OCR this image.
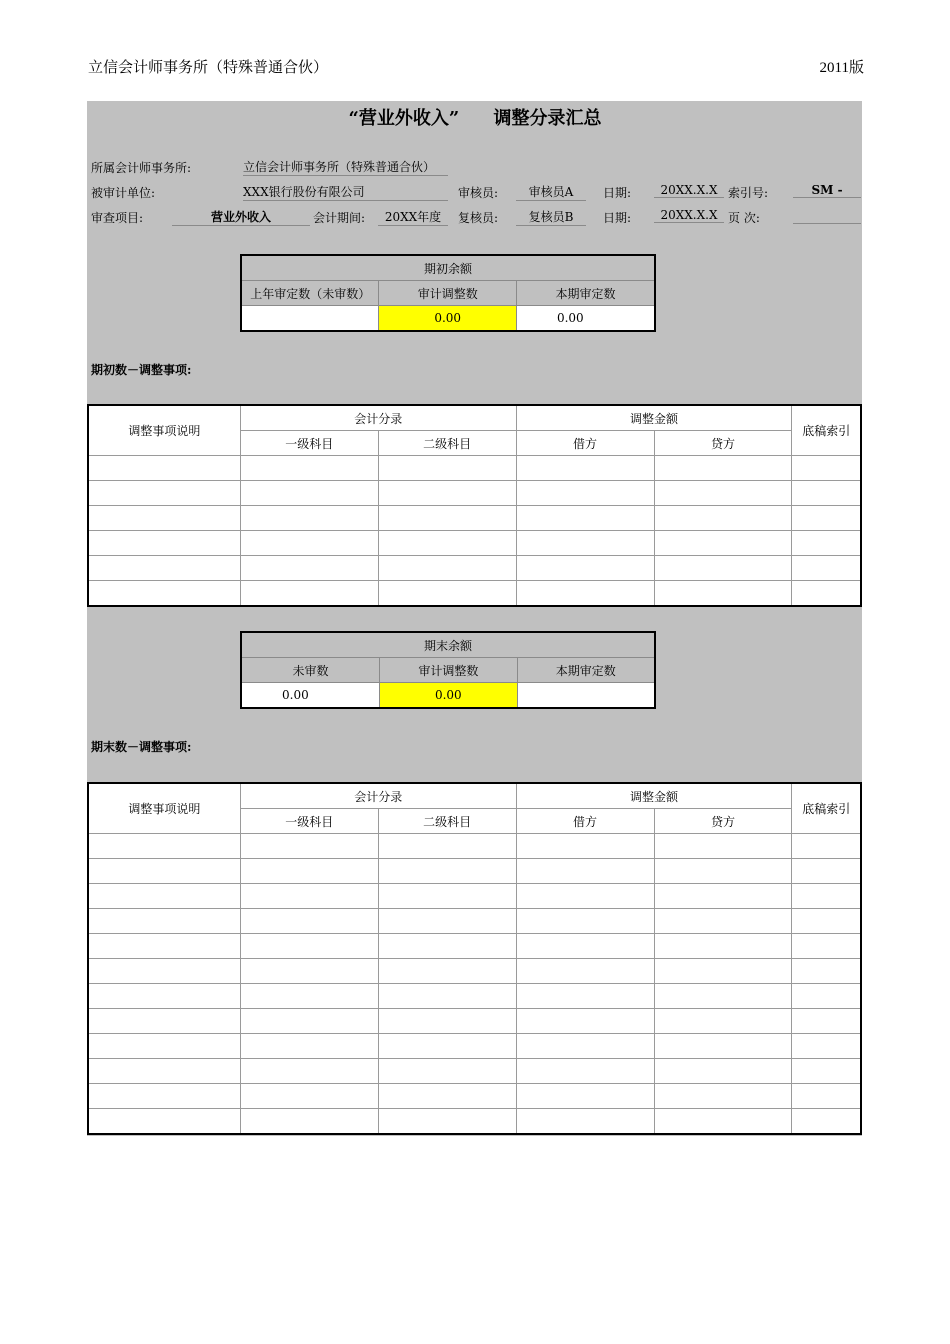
立信会计师事务所（特殊普通合伙）	2011版
“营业外收入” 调整分录汇总
所属会计师事务所:	立信会计师事务所（特殊普通合伙）
被审计单位:	XXX银行股份有限公司	审核员:	审核员A	日期:	20XX.X.X 索引号:	SM -
审查项目:	营业外收入	会计期间:	20XX年度	复核员:	复核员B	日期:	20XX.X.X 页 次:
期初余额		
上年审定数（未审数）	审计调整数	本期审定数
	0.00	0.00
期初数－调整事项:
调整事项说明	会计分录		调整金额		底稿索引
	一级科目	二级科目	借方	贷方	

期末余额		
未审数	审计调整数	本期审定数
0.00	0.00	
期末数－调整事项:
调整事项说明	会计分录		调整金额		底稿索引
	一级科目	二级科目	借方	贷方	
